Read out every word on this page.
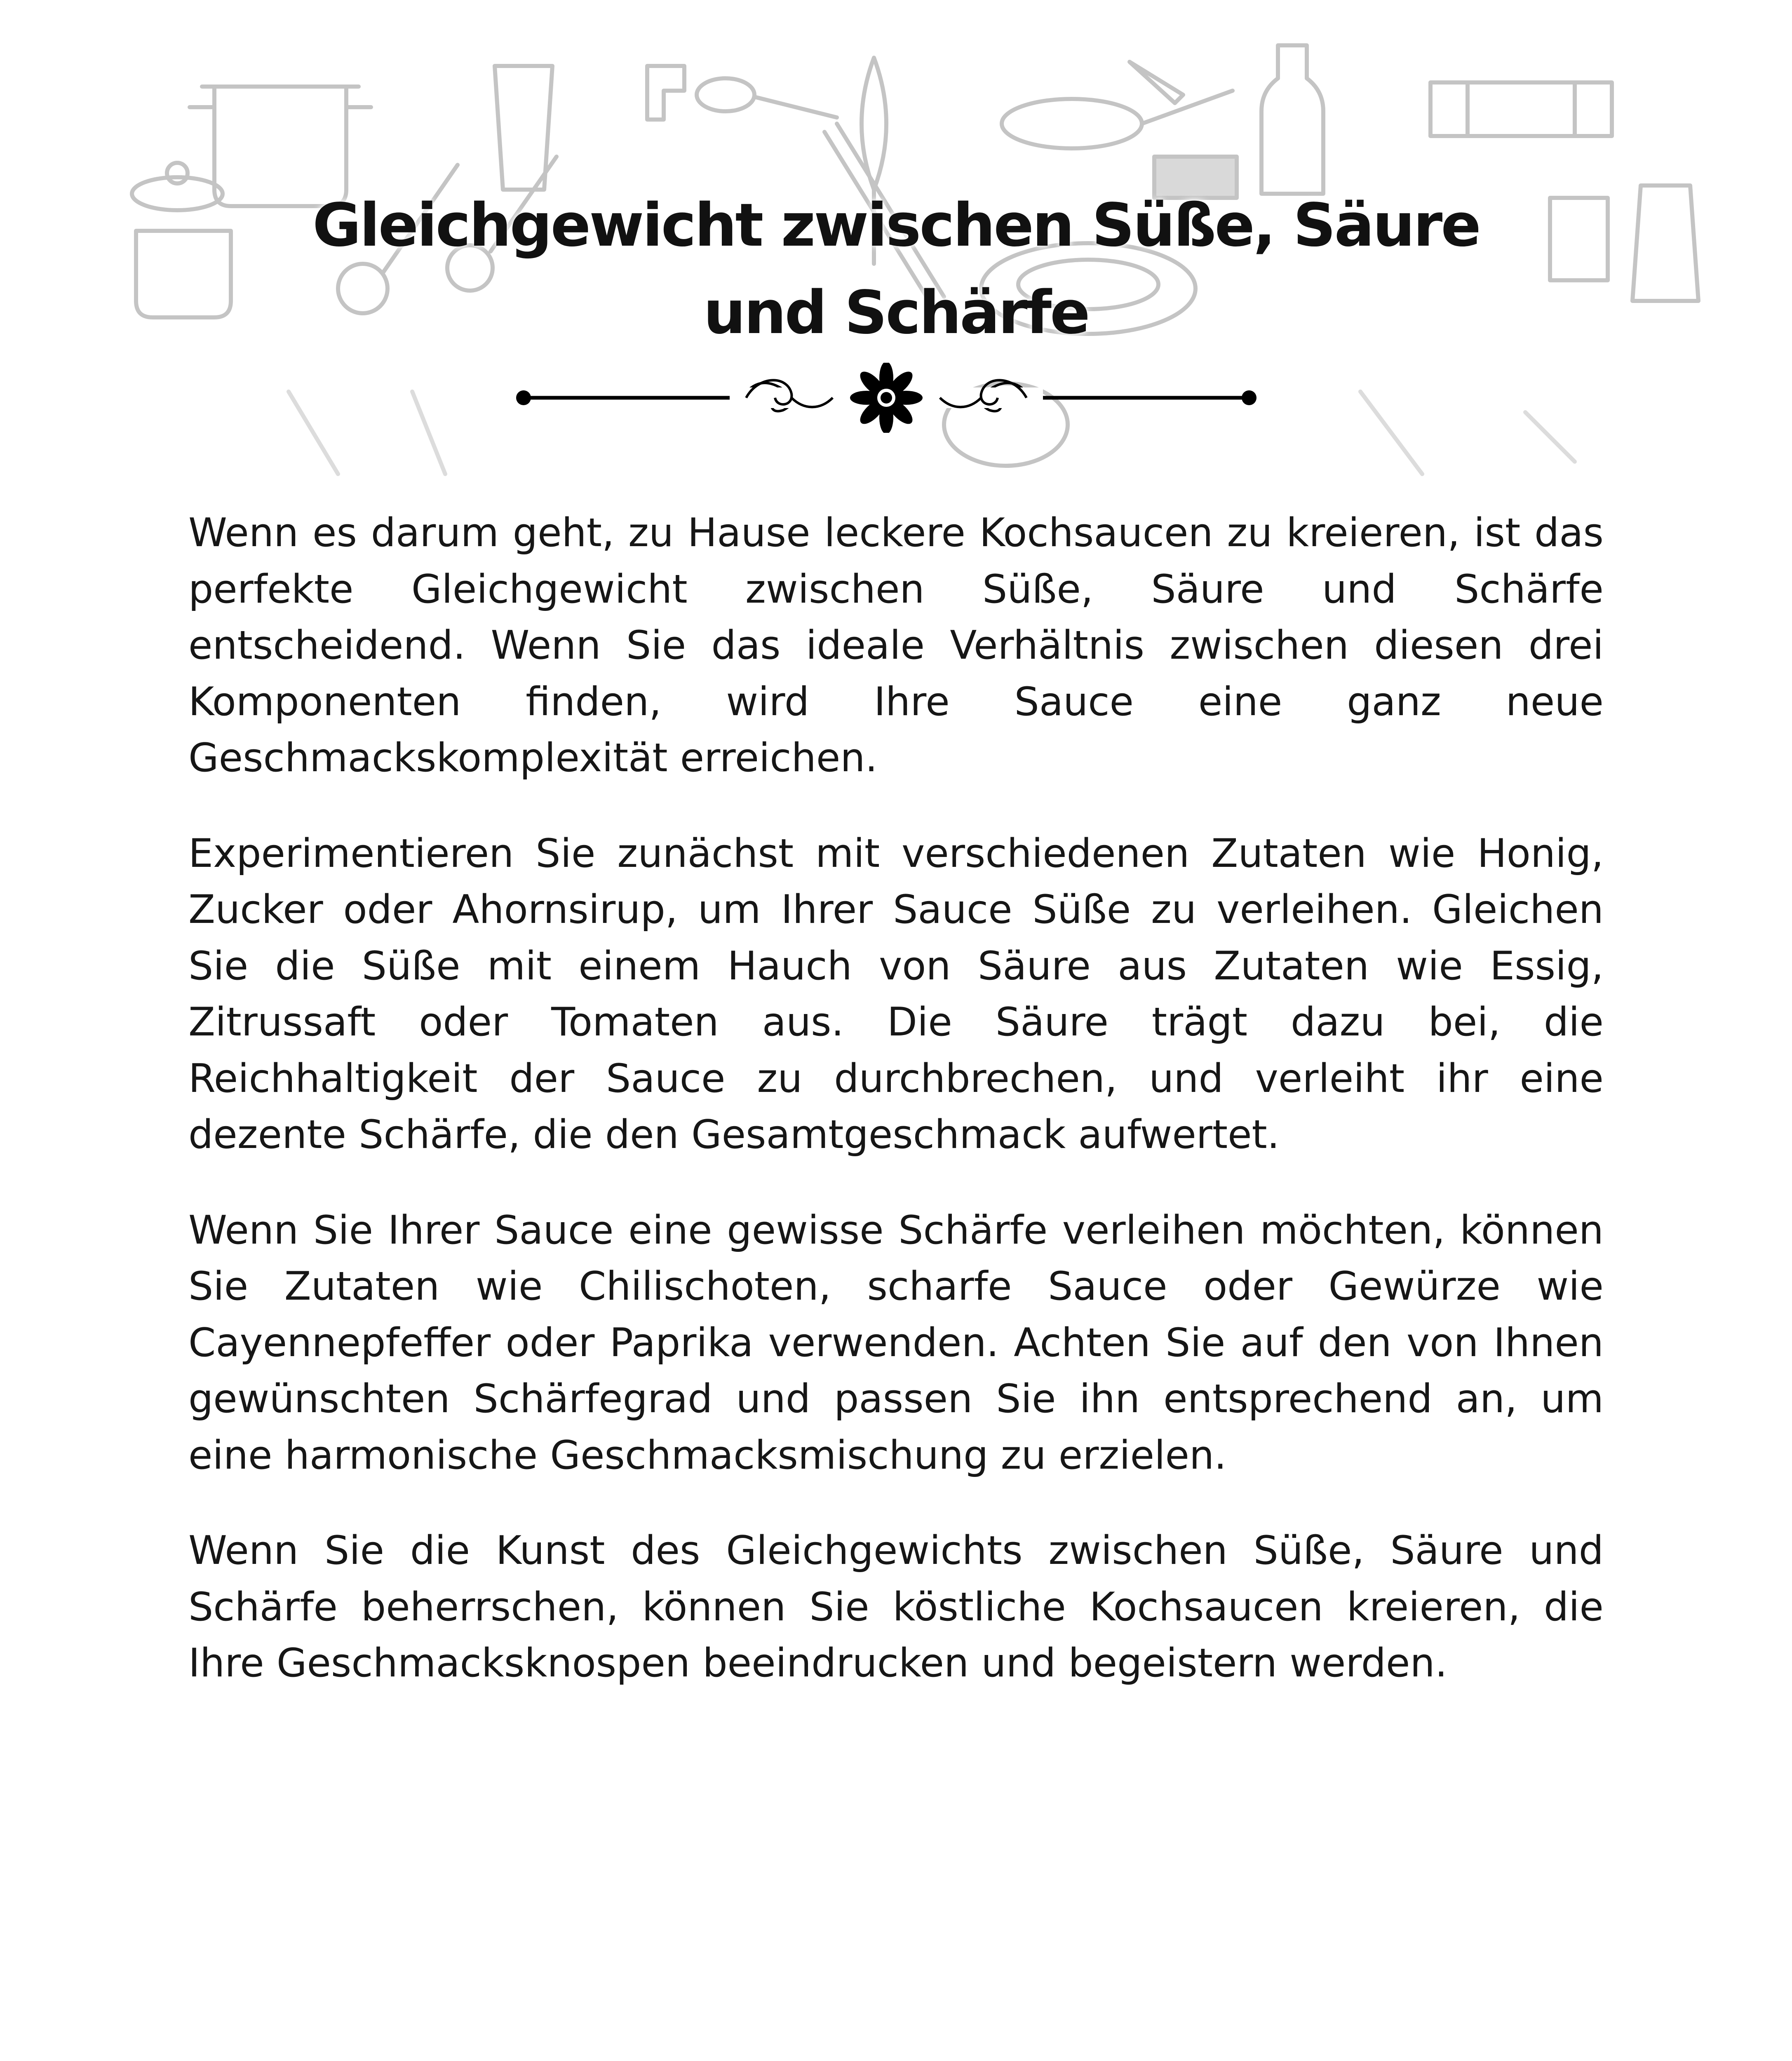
Gleichgewicht zwischen Süße, Säure
und Schärfe

Wenn es darum geht, zu Hause leckere Kochsaucen zu kreieren, ist das perfekte Gleichgewicht zwischen Süße, Säure und Schärfe entscheidend. Wenn Sie das ideale Verhältnis zwischen diesen drei Komponenten finden, wird Ihre Sauce eine ganz neue Geschmackskomplexität erreichen.

Experimentieren Sie zunächst mit verschiedenen Zutaten wie Honig, Zucker oder Ahornsirup, um Ihrer Sauce Süße zu verleihen. Gleichen Sie die Süße mit einem Hauch von Säure aus Zutaten wie Essig, Zitrussaft oder Tomaten aus. Die Säure trägt dazu bei, die Reichhaltigkeit der Sauce zu durchbrechen, und verleiht ihr eine dezente Schärfe, die den Gesamtgeschmack aufwertet.

Wenn Sie Ihrer Sauce eine gewisse Schärfe verleihen möchten, können Sie Zutaten wie Chilischoten, scharfe Sauce oder Gewürze wie Cayennepfeffer oder Paprika verwenden. Achten Sie auf den von Ihnen gewünschten Schärfegrad und passen Sie ihn entsprechend an, um eine harmonische Geschmacksmischung zu erzielen.

Wenn Sie die Kunst des Gleichgewichts zwischen Süße, Säure und Schärfe beherrschen, können Sie köstliche Kochsaucen kreieren, die Ihre Geschmacksknospen beeindrucken und begeistern werden.
